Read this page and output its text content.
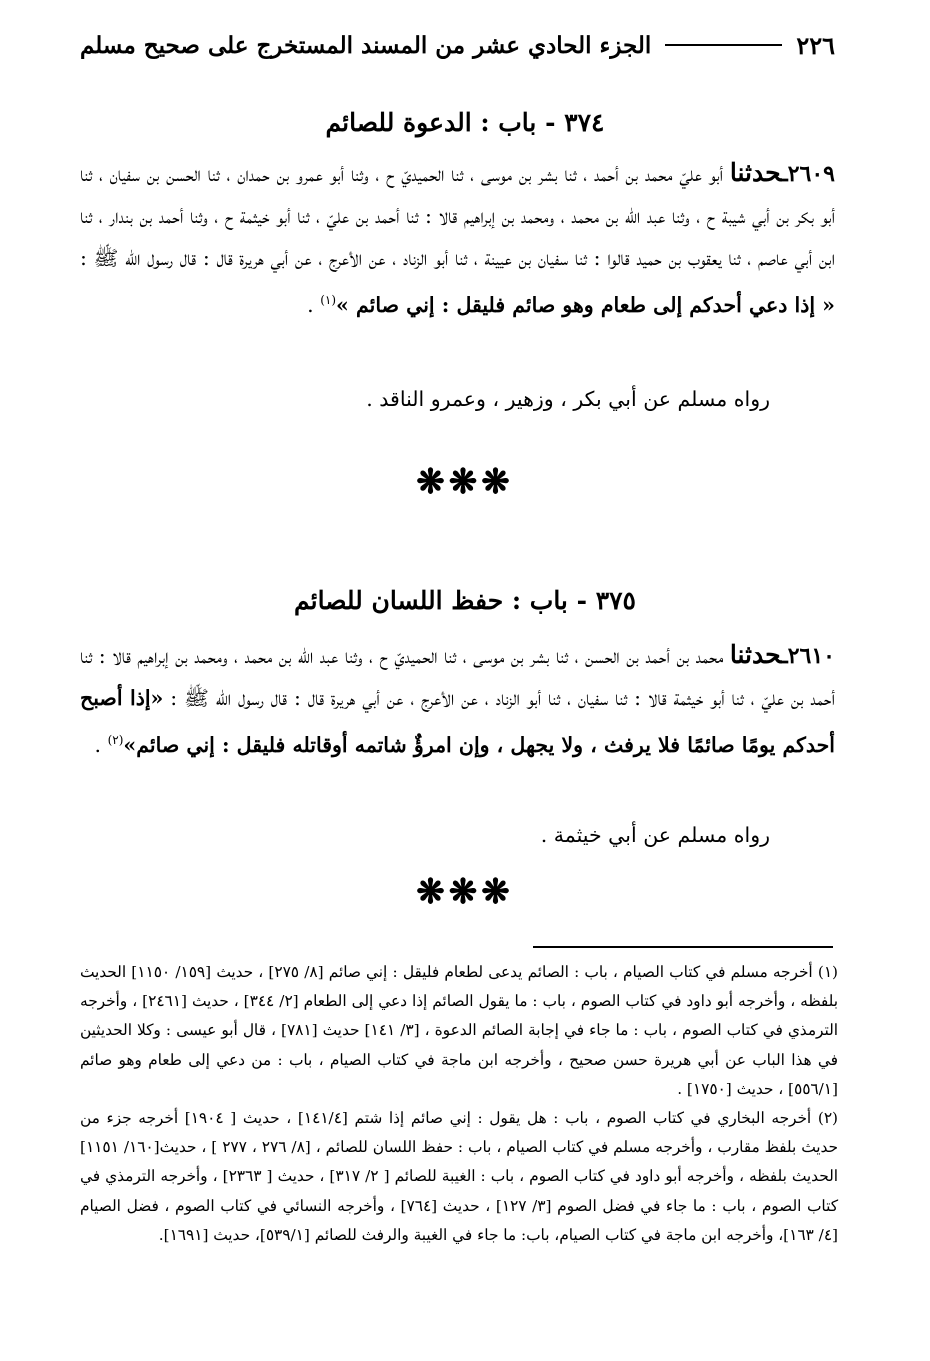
٢٢٦
الجزء الحادي عشر من المسند المستخرج على صحيح مسلم
٣٧٤ - باب : الدعوة للصائم
٢٦٠٩ـحدثنا أبو عليّ محمد بن أحمد ، ثنا بشر بن موسى ، ثنا الحميديّ ح ، وثنا أبو عمرو بن حمدان ، ثنا الحسن بن سفيان ، ثنا أبو بكر بن أبي شيبة ح ، وثنا عبد الله بن محمد ، ومحمد بن إبراهيم قالا : ثنا أحمد بن عليّ ، ثنا أبو خيثمة ح ، وثنا أحمد بن بندار ، ثنا ابن أبي عاصم ، ثنا يعقوب بن حميد قالوا : ثنا سفيان بن عيينة ، ثنا أبو الزناد ، عن الأعرج ، عن أبي هريرة قال : قال رسول الله ﷺ : « إذا دعي أحدكم إلى طعام وهو صائم فليقل : إني صائم »$^{(١)}$ .
رواه مسلم عن أبي بكر ، وزهير ، وعمرو الناقد .
❋❋❋
٣٧٥ - باب : حفظ اللسان للصائم
٢٦١٠ـحدثنا محمد بن أحمد بن الحسن ، ثنا بشر بن موسى ، ثنا الحميديّ ح ، وثنا عبد الله بن محمد ، ومحمد بن إبراهيم قالا : ثنا أحمد بن عليّ ، ثنا أبو خيثمة قالا : ثنا سفيان ، ثنا أبو الزناد ، عن الأعرج ، عن أبي هريرة قال : قال رسول الله ﷺ : «إذا أصبح أحدكم يومًا صائمًا فلا يرفث ، ولا يجهل ، وإن امرؤٌ شاتمه أوقاتله فليقل : إني صائم»$^{(٢)}$ .
رواه مسلم عن أبي خيثمة .
❋❋❋

(١) أخرجه مسلم في كتاب الصيام ، باب : الصائم يدعى لطعام فليقل : إني صائم [٨/ ٢٧٥] ، حديث [١٥٩/ ١١٥٠] الحديث بلفظه ، وأخرجه أبو داود في كتاب الصوم ، باب : ما يقول الصائم إذا دعي إلى الطعام [٢/ ٣٤٤] ، حديث [٢٤٦١] ، وأخرجه الترمذي في كتاب الصوم ، باب : ما جاء في إجابة الصائم الدعوة ، [٣/ ١٤١] حديث [٧٨١] ، قال أبو عيسى : وكلا الحديثين في هذا الباب عن أبي هريرة حسن صحيح ، وأخرجه ابن ماجة في كتاب الصيام ، باب : من دعي إلى طعام وهو صائم [٥٥٦/١] ، حديث [١٧٥٠] .

(٢) أخرجه البخاري في كتاب الصوم ، باب : هل يقول : إني صائم إذا شتم [١٤١/٤] ، حديث [ ١٩٠٤] أخرجه جزء من حديث بلفظ مقارب ، وأخرجه مسلم في كتاب الصيام ، باب : حفظ اللسان للصائم ، [٨/ ٢٧٦ ، ٢٧٧ ] ، حديث[١٦٠/ ١١٥١] الحديث بلفظه ، وأخرجه أبو داود في كتاب الصوم ، باب : الغيبة للصائم [ ٢/ ٣١٧] ، حديث [ ٢٣٦٣] ، وأخرجه الترمذي في كتاب الصوم ، باب : ما جاء في فضل الصوم [٣/ ١٢٧] ، حديث [٧٦٤] ، وأخرجه النسائي في كتاب الصوم ، فضل الصيام [٤/ ١٦٣]، وأخرجه ابن ماجة في كتاب الصيام، باب: ما جاء في الغيبة والرفث للصائم [٥٣٩/١]، حديث [١٦٩١].
